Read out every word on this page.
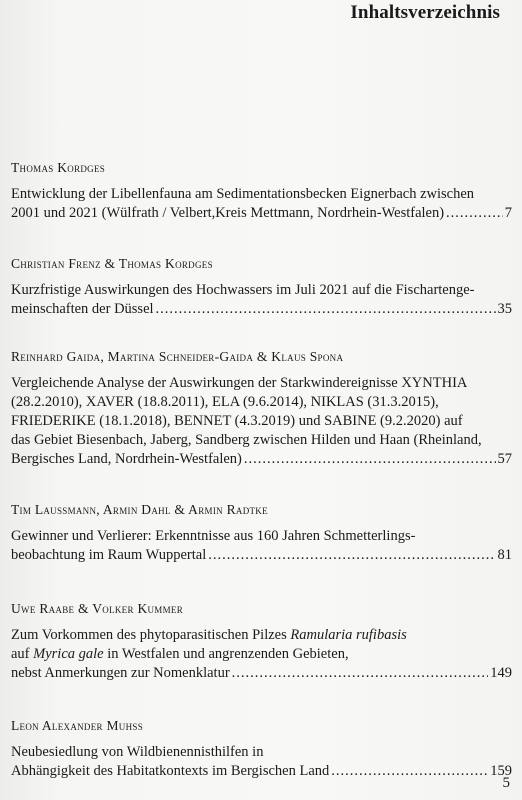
Inhaltsverzeichnis
Thomas Kordges
Entwicklung der Libellenfauna am Sedimentationsbecken Eignerbach zwischen
2001 und 2021 (Wülfrath / Velbert,Kreis Mettmann, Nordrhein-Westfalen) .....	7
Christian Frenz & Thomas Kordges
Kurzfristige Auswirkungen des Hochwassers im Juli 2021 auf die Fischartenge-
meinschaften der Düssel .....	35
Reinhard Gaida, Martina Schneider-Gaida & Klaus Spona
Vergleichende Analyse der Auswirkungen der Starkwindereignisse XYNTHIA
(28.2.2010), XAVER (18.8.2011), ELA (9.6.2014), NIKLAS (31.3.2015),
FRIEDERIKE (18.1.2018), BENNET (4.3.2019) und SABINE (9.2.2020) auf
das Gebiet Biesenbach, Jaberg, Sandberg zwischen Hilden und Haan (Rheinland,
Bergisches Land, Nordrhein-Westfalen) .....	57
Tim Laussmann, Armin Dahl & Armin Radtke
Gewinner und Verlierer: Erkenntnisse aus 160 Jahren Schmetterlings-
beobachtung im Raum Wuppertal .....	81
Uwe Raabe & Volker Kummer
Zum Vorkommen des phytoparasitischen Pilzes Ramularia rufibasis
auf Myrica gale in Westfalen und angrenzenden Gebieten,
nebst Anmerkungen zur Nomenklatur .....	149
Leon Alexander Muhss
Neubesiedlung von Wildbienennisthilfen in
Abhängigkeit des Habitatkontexts im Bergischen Land .....	159
5
